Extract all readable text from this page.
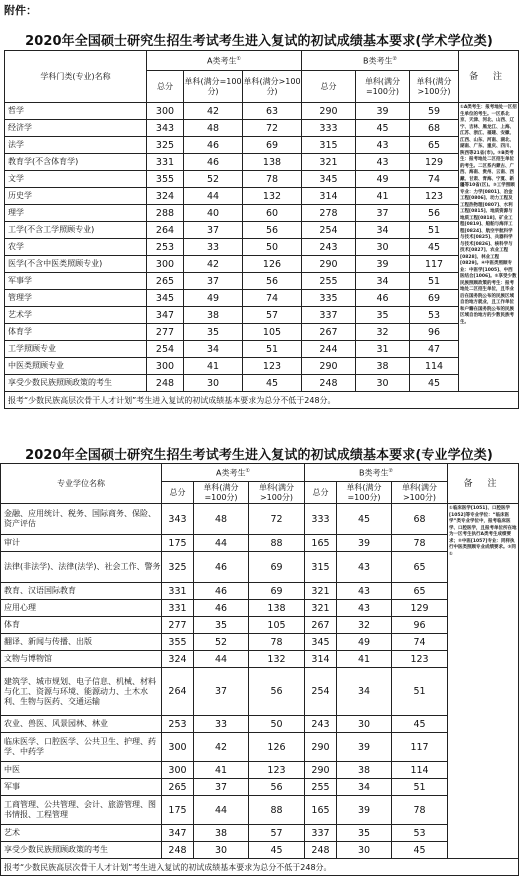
附件：
2020年全国硕士研究生招生考试考生进入复试的初试成绩基本要求(学术学位类)
学科门类(专业)名称	A类考生①			B类考生②			备 注
	总分	单科(满分=100分)	单科(满分>100分)	总分	单科(满分=100分)	单科(满分>100分)	
哲学	300	42	63	290	39	59	①A类考生：报考地处一区招生单位的考生。一区系北京、天津、河北、山西、辽宁、吉林、黑龙江、上海、江苏、浙江、福建、安徽、江西、山东、河南、湖北、湖南、广东、重庆、四川、陕西等21省(市)。②B类考生：报考地处二区招生单位的考生。二区系内蒙古、广西、海南、贵州、云南、西藏、甘肃、青海、宁夏、新疆等10省(区)。③工学照顾专业：力学[0801]、冶金工程[0806]、动力工程及工程热物理[0807]、水利工程[0815]、地质资源与地质工程[0818]、矿业工程[0819]、船舶与海洋工程[0824]、航空宇航科学与技术[0825]、兵器科学与技术[0826]、核科学与技术[0827]、农业工程[0828]、林业工程[0829]。④中医类照顾专业：中医学[1005]、中西医结合[1006]。⑤享受少数民族照顾政策的考生：报考地处二区招生单位，且毕业后在国务院公布的民族区域自治地方就业，且工作单位和户籍在国务院公布的民族区域自治地方的少数民族考生。
经济学	343	48	72	333	45	68	
法学	325	46	69	315	43	65	
教育学(不含体育学)	331	46	138	321	43	129	
文学	355	52	78	345	49	74	
历史学	324	44	132	314	41	123	
理学	288	40	60	278	37	56	
工学(不含工学照顾专业)	264	37	56	254	34	51	
农学	253	33	50	243	30	45	
医学(不含中医类照顾专业)	300	42	126	290	39	117	
军事学	265	37	56	255	34	51	
管理学	345	49	74	335	46	69	
艺术学	347	38	57	337	35	53	
体育学	277	35	105	267	32	96	
工学照顾专业	254	34	51	244	31	47	
中医类照顾专业	300	41	123	290	38	114	
享受少数民族照顾政策的考生	248	30	45	248	30	45	
报考“少数民族高层次骨干人才计划”考生进入复试的初试成绩基本要求为总分不低于248分。							
2020年全国硕士研究生招生考试考生进入复试的初试成绩基本要求(专业学位类)
专业学位名称	A类考生①			B类考生②			备 注
	总分	单科(满分=100分)	单科(满分>100分)	总分	单科(满分=100分)	单科(满分>100分)	
金融、应用统计、税务、国际商务、保险、资产评估	343	48	72	333	45	68	①临床医学[1051]、口腔医学[1052]等专业学位：“临床医学”类专业学位中，报考临床医学、口腔医学，且报考单位所在地为一区考生执行A类考生成绩要求；②中医[1057]专业：同样执行中医类照顾专业成绩要求。③同①
审计	175	44	88	165	39	78	
法律(非法学)、法律(法学)、社会工作、警务	325	46	69	315	43	65	
教育、汉语国际教育	331	46	69	321	43	65	
应用心理	331	46	138	321	43	129	
体育	277	35	105	267	32	96	
翻译、新闻与传播、出版	355	52	78	345	49	74	
文物与博物馆	324	44	132	314	41	123	
建筑学、城市规划、电子信息、机械、材料与化工、资源与环境、能源动力、土木水利、生物与医药、交通运输	264	37	56	254	34	51	
农业、兽医、风景园林、林业	253	33	50	243	30	45	
临床医学、口腔医学、公共卫生、护理、药学、中药学	300	42	126	290	39	117	
中医	300	41	123	290	38	114	
军事	265	37	56	255	34	51	
工商管理、公共管理、会计、旅游管理、图书情报、工程管理	175	44	88	165	39	78	
艺术	347	38	57	337	35	53	
享受少数民族照顾政策的考生	248	30	45	248	30	45	
报考“少数民族高层次骨干人才计划”考生进入复试的初试成绩基本要求为总分不低于248分。							
